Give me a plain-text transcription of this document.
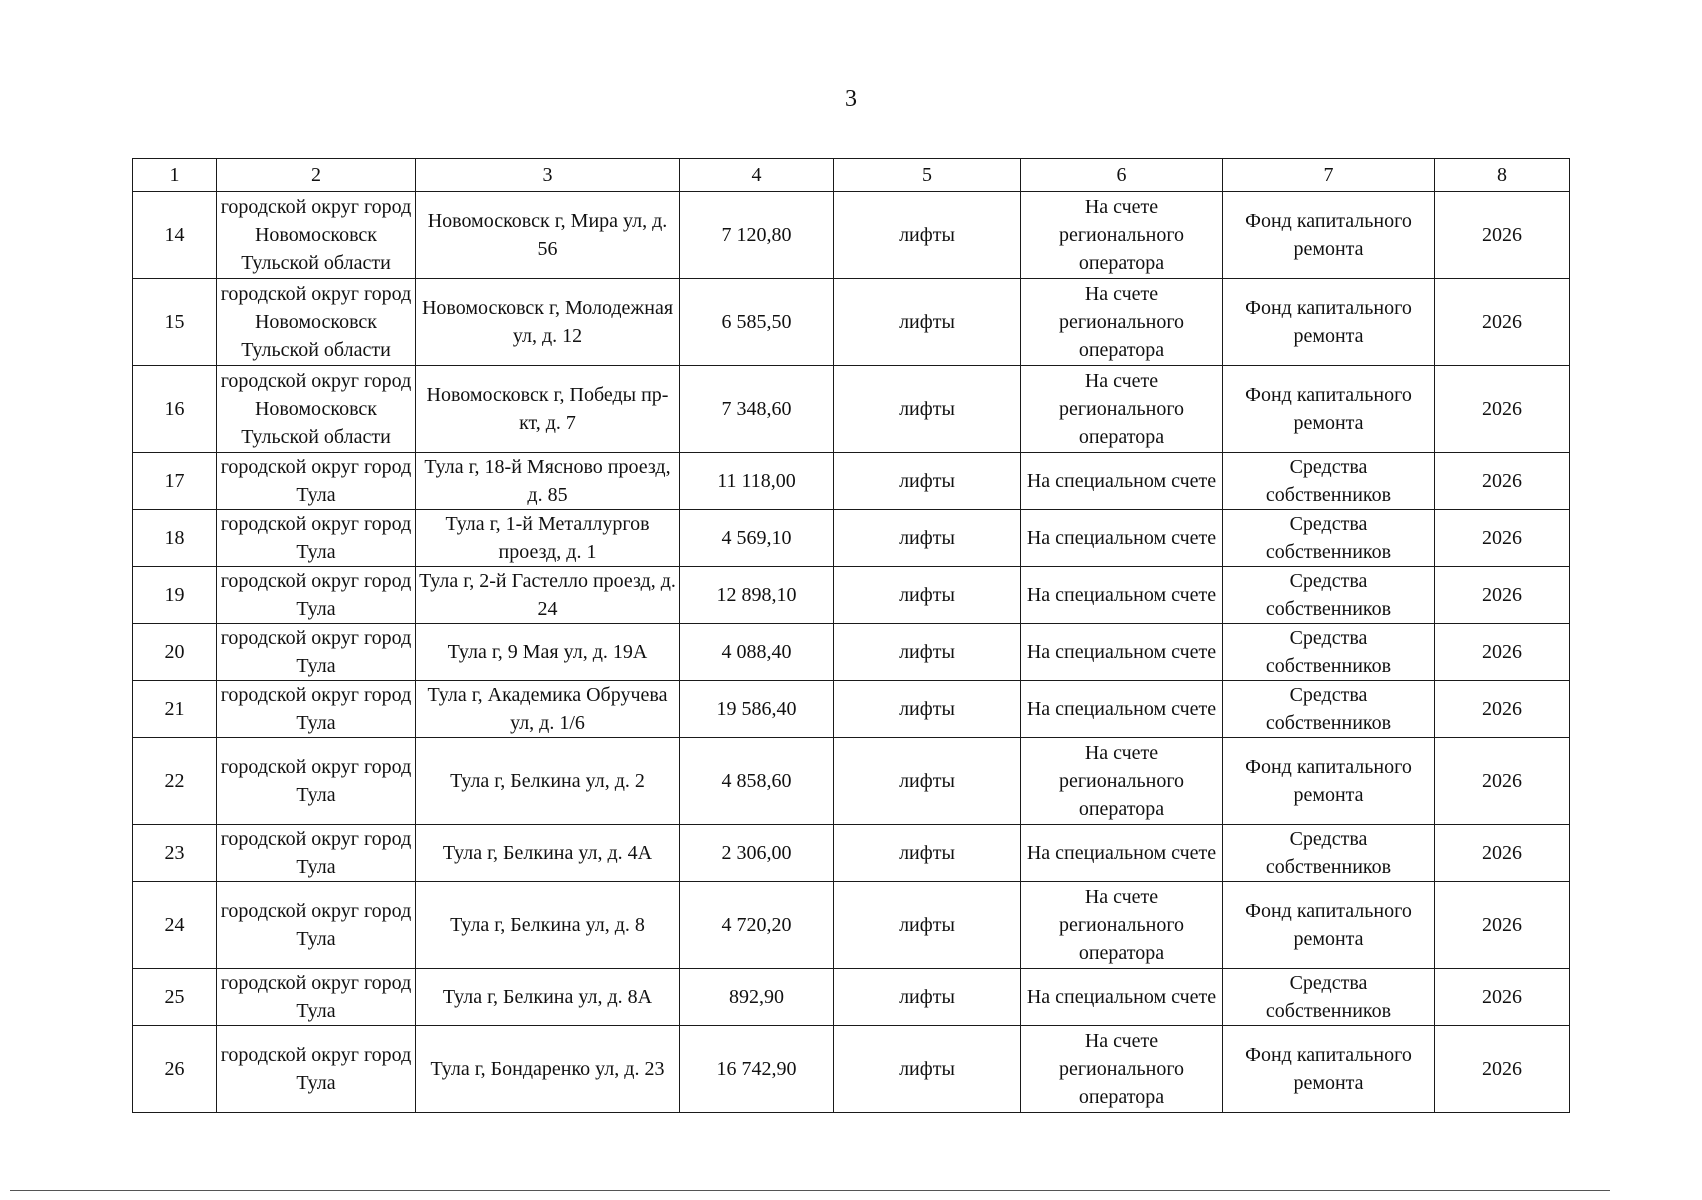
3
1	2	3	4	5	6	7	8
14	городской округ город Новомосковск Тульской области	Новомосковск г, Мира ул, д. 56	7 120,80	лифты	На счете регионального оператора	Фонд капитального ремонта	2026
15	городской округ город Новомосковск Тульской области	Новомосковск г, Молодежная ул, д. 12	6 585,50	лифты	На счете регионального оператора	Фонд капитального ремонта	2026
16	городской округ город Новомосковск Тульской области	Новомосковск г, Победы пр-кт, д. 7	7 348,60	лифты	На счете регионального оператора	Фонд капитального ремонта	2026
17	городской округ город Тула	Тула г, 18-й Мясново проезд, д. 85	11 118,00	лифты	На специальном счете	Средства собственников	2026
18	городской округ город Тула	Тула г, 1-й Металлургов проезд, д. 1	4 569,10	лифты	На специальном счете	Средства собственников	2026
19	городской округ город Тула	Тула г, 2-й Гастелло проезд, д. 24	12 898,10	лифты	На специальном счете	Средства собственников	2026
20	городской округ город Тула	Тула г, 9 Мая ул, д. 19А	4 088,40	лифты	На специальном счете	Средства собственников	2026
21	городской округ город Тула	Тула г, Академика Обручева ул, д. 1/6	19 586,40	лифты	На специальном счете	Средства собственников	2026
22	городской округ город Тула	Тула г, Белкина ул, д. 2	4 858,60	лифты	На счете регионального оператора	Фонд капитального ремонта	2026
23	городской округ город Тула	Тула г, Белкина ул, д. 4А	2 306,00	лифты	На специальном счете	Средства собственников	2026
24	городской округ город Тула	Тула г, Белкина ул, д. 8	4 720,20	лифты	На счете регионального оператора	Фонд капитального ремонта	2026
25	городской округ город Тула	Тула г, Белкина ул, д. 8А	892,90	лифты	На специальном счете	Средства собственников	2026
26	городской округ город Тула	Тула г, Бондаренко ул, д. 23	16 742,90	лифты	На счете регионального оператора	Фонд капитального ремонта	2026
